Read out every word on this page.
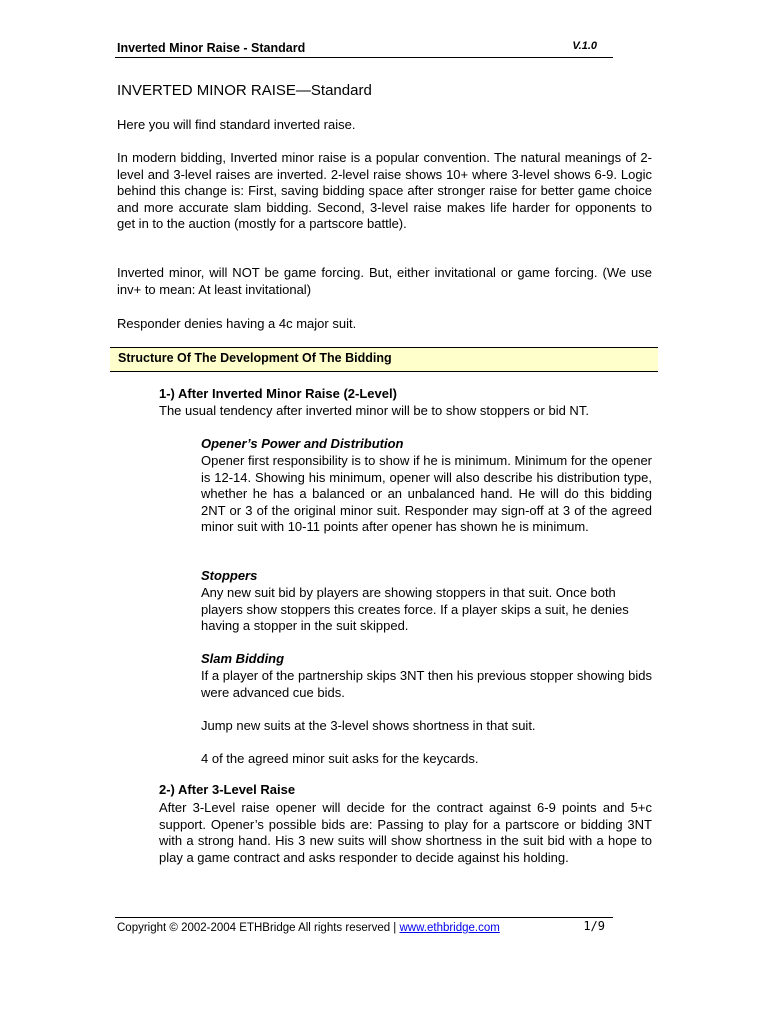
Inverted Minor Raise - Standard	V.1.0
INVERTED MINOR RAISE—Standard

Here you will find standard inverted raise.

In modern bidding, Inverted minor raise is a popular convention. The natural meanings of 2-level and 3-level raises are inverted. 2-level raise shows 10+ where 3-level shows 6-9. Logic behind this change is: First, saving bidding space after stronger raise for better game choice and more accurate slam bidding. Second, 3-level raise makes life harder for opponents to get in to the auction (mostly for a partscore battle).

Inverted minor, will NOT be game forcing. But, either invitational or game forcing. (We use inv+ to mean: At least invitational)

Responder denies having a 4c major suit.

Structure Of The Development Of The Bidding
1-) After Inverted Minor Raise (2-Level)

The usual tendency after inverted minor will be to show stoppers or bid NT.

Opener’s Power and Distribution

Opener first responsibility is to show if he is minimum. Minimum for the opener is 12-14. Showing his minimum, opener will also describe his distribution type, whether he has a balanced or an unbalanced hand. He will do this bidding 2NT or 3 of the original minor suit. Responder may sign-off at 3 of the agreed minor suit with 10-11 points after opener has shown he is minimum.

Stoppers

Any new suit bid by players are showing stoppers in that suit. Once both players show stoppers this creates force. If a player skips a suit, he denies having a stopper in the suit skipped.

Slam Bidding

If a player of the partnership skips 3NT then his previous stopper showing bids were advanced cue bids.

Jump new suits at the 3-level shows shortness in that suit.

4 of the agreed minor suit asks for the keycards.

2-) After 3-Level Raise

After 3-Level raise opener will decide for the contract against 6-9 points and 5+c support. Opener’s possible bids are: Passing to play for a partscore or bidding 3NT with a strong hand. His 3 new suits will show shortness in the suit bid with a hope to play a game contract and asks responder to decide against his holding.

Copyright © 2002-2004 ETHBridge All rights reserved | www.ethbridge.com	1/9
